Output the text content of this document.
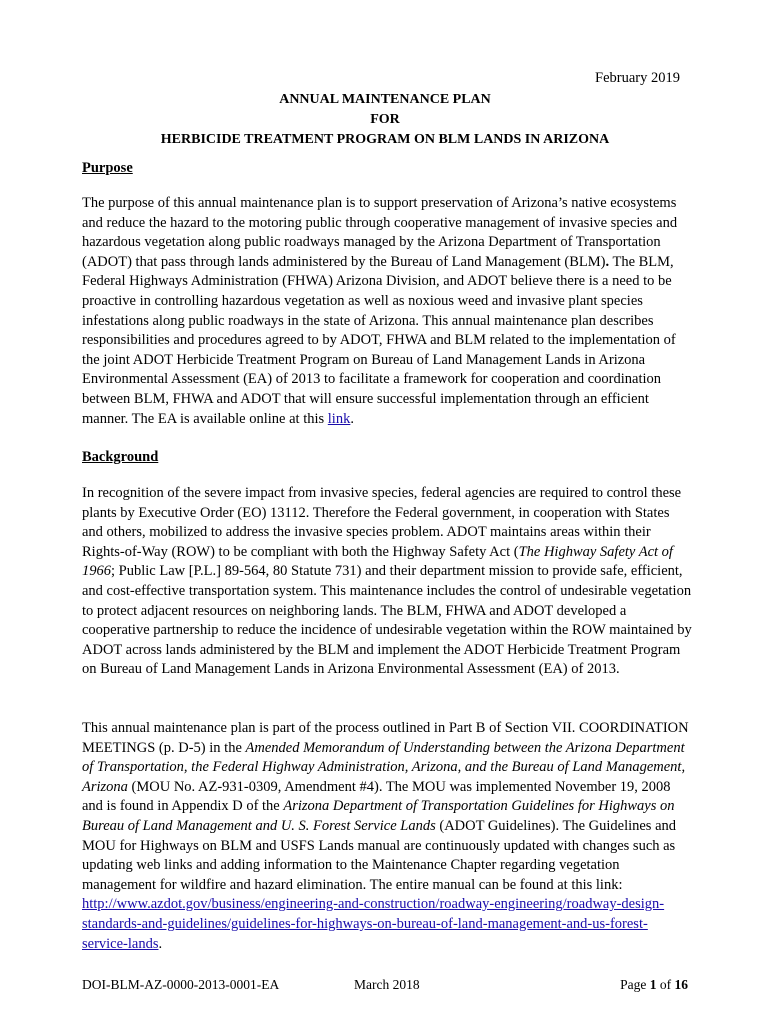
February 2019
ANNUAL MAINTENANCE PLAN
FOR
HERBICIDE TREATMENT PROGRAM ON BLM LANDS IN ARIZONA
Purpose

The purpose of this annual maintenance plan is to support preservation of Arizona’s native ecosystems and reduce the hazard to the motoring public through cooperative management of invasive species and hazardous vegetation along public roadways managed by the Arizona Department of Transportation (ADOT) that pass through lands administered by the Bureau of Land Management (BLM). The BLM, Federal Highways Administration (FHWA) Arizona Division, and ADOT believe there is a need to be proactive in controlling hazardous vegetation as well as noxious weed and invasive plant species infestations along public roadways in the state of Arizona. This annual maintenance plan describes responsibilities and procedures agreed to by ADOT, FHWA and BLM related to the implementation of the joint ADOT Herbicide Treatment Program on Bureau of Land Management Lands in Arizona Environmental Assessment (EA) of 2013 to facilitate a framework for cooperation and coordination between BLM, FHWA and ADOT that will ensure successful implementation through an efficient manner. The EA is available online at this link.

Background

In recognition of the severe impact from invasive species, federal agencies are required to control these plants by Executive Order (EO) 13112. Therefore the Federal government, in cooperation with States and others, mobilized to address the invasive species problem. ADOT maintains areas within their Rights-of-Way (ROW) to be compliant with both the Highway Safety Act (The Highway Safety Act of 1966; Public Law [P.L.] 89-564, 80 Statute 731) and their department mission to provide safe, efficient, and cost-effective transportation system. This maintenance includes the control of undesirable vegetation to protect adjacent resources on neighboring lands. The BLM, FHWA and ADOT developed a cooperative partnership to reduce the incidence of undesirable vegetation within the ROW maintained by ADOT across lands administered by the BLM and implement the ADOT Herbicide Treatment Program on Bureau of Land Management Lands in Arizona Environmental Assessment (EA) of 2013.

This annual maintenance plan is part of the process outlined in Part B of Section VII. COORDINATION MEETINGS (p. D-5) in the Amended Memorandum of Understanding between the Arizona Department of Transportation, the Federal Highway Administration, Arizona, and the Bureau of Land Management, Arizona (MOU No. AZ-931-0309, Amendment #4). The MOU was implemented November 19, 2008 and is found in Appendix D of the Arizona Department of Transportation Guidelines for Highways on Bureau of Land Management and U. S. Forest Service Lands (ADOT Guidelines). The Guidelines and MOU for Highways on BLM and USFS Lands manual are continuously updated with changes such as updating web links and adding information to the Maintenance Chapter regarding vegetation management for wildfire and hazard elimination. The entire manual can be found at this link: http://www.azdot.gov/business/engineering-and-construction/roadway-engineering/roadway-design-standards-and-guidelines/guidelines-for-highways-on-bureau-of-land-management-and-us-forest-service-lands.

DOI-BLM-AZ-0000-2013-0001-EA	March 2018	Page 1 of 16
